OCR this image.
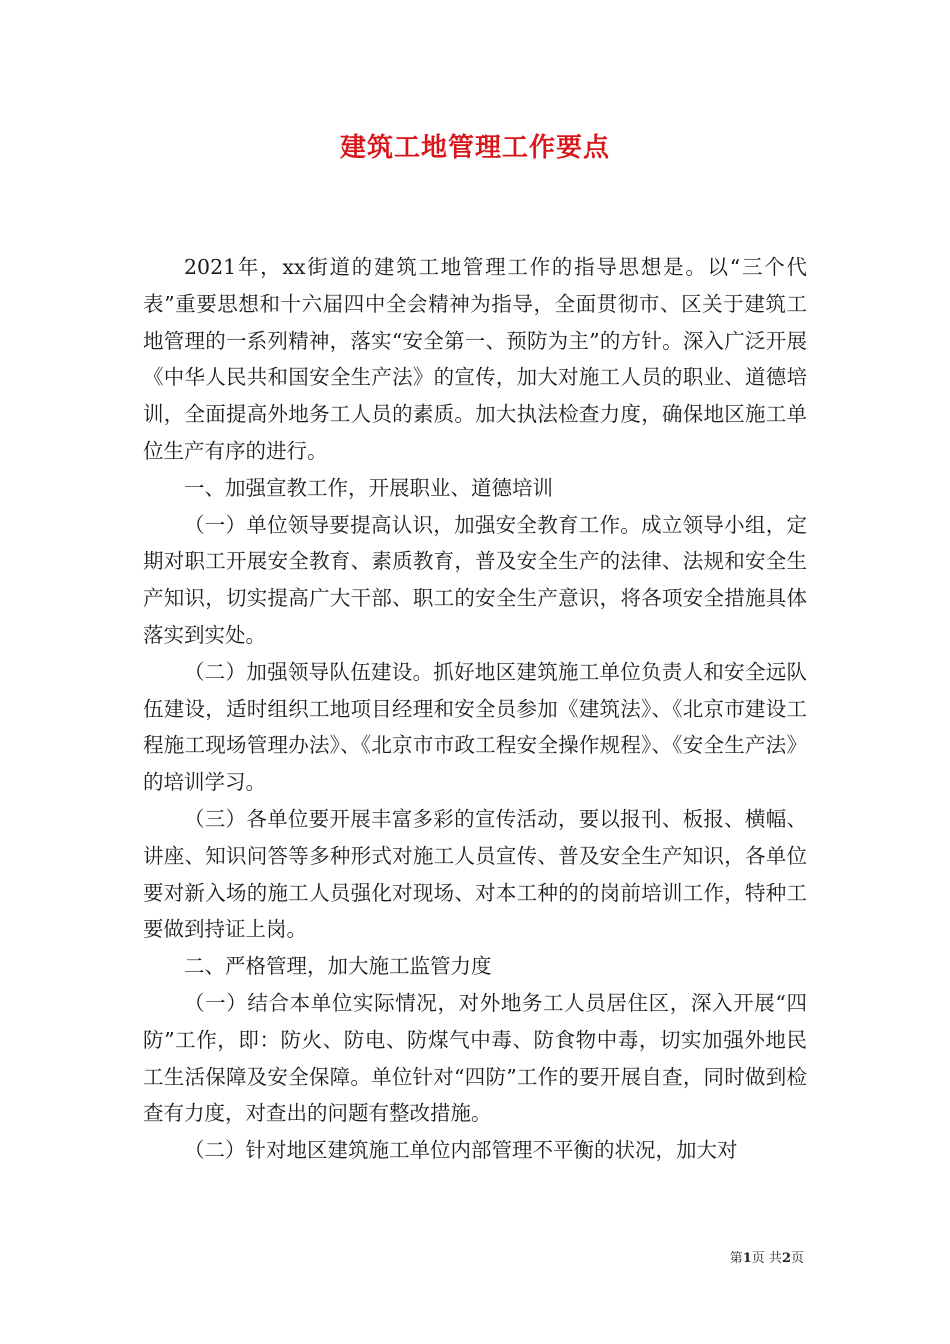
建筑工地管理工作要点

2021年，xx街道的建筑工地管理工作的指导思想是。以“三个代表”重要思想和十六届四中全会精神为指导，全面贯彻市、区关于建筑工地管理的一系列精神，落实“安全第一、预防为主”的方针。深入广泛开展《中华人民共和国安全生产法》的宣传，加大对施工人员的职业、道德培训，全面提高外地务工人员的素质。加大执法检查力度，确保地区施工单位生产有序的进行。

一、加强宣教工作，开展职业、道德培训

（一）单位领导要提高认识，加强安全教育工作。成立领导小组，定期对职工开展安全教育、素质教育，普及安全生产的法律、法规和安全生产知识，切实提高广大干部、职工的安全生产意识，将各项安全措施具体落实到实处。

（二）加强领导队伍建设。抓好地区建筑施工单位负责人和安全远队伍建设，适时组织工地项目经理和安全员参加《建筑法》、《北京市建设工程施工现场管理办法》、《北京市市政工程安全操作规程》、《安全生产法》的培训学习。

（三）各单位要开展丰富多彩的宣传活动，要以报刊、板报、横幅、讲座、知识问答等多种形式对施工人员宣传、普及安全生产知识，各单位要对新入场的施工人员强化对现场、对本工种的的岗前培训工作，特种工要做到持证上岗。

二、严格管理，加大施工监管力度

（一）结合本单位实际情况，对外地务工人员居住区，深入开展“四防”工作，即：防火、防电、防煤气中毒、防食物中毒，切实加强外地民工生活保障及安全保障。单位针对“四防”工作的要开展自查，同时做到检查有力度，对查出的问题有整改措施。

（二）针对地区建筑施工单位内部管理不平衡的状况，加大对

第1页 共2页
